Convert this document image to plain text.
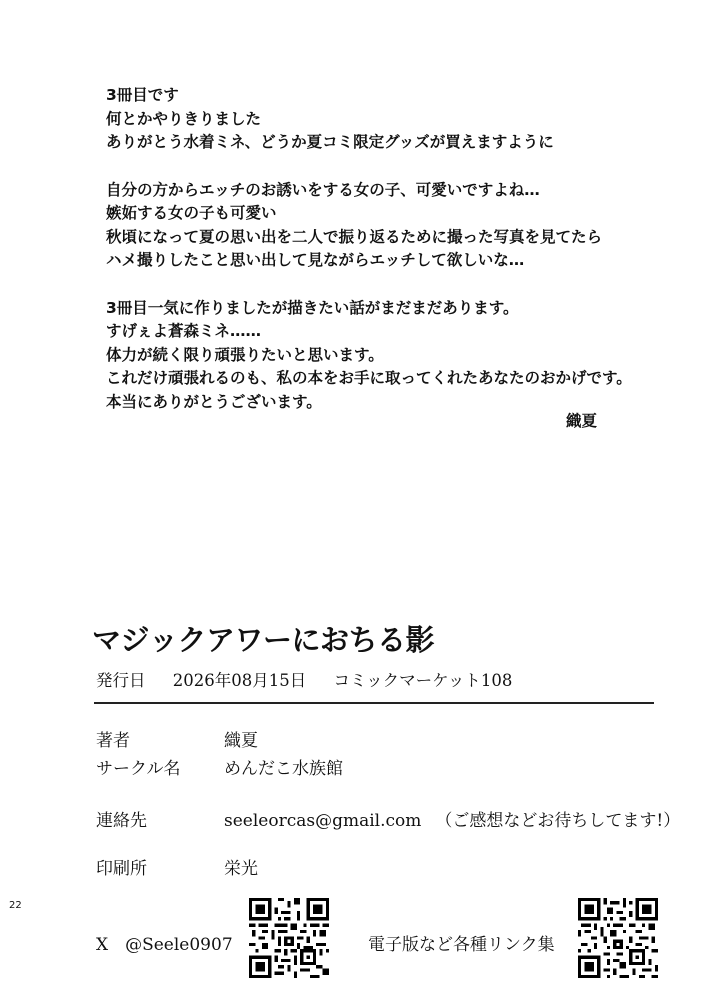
3冊目です
何とかやりきりました
ありがとう水着ミネ、どうか夏コミ限定グッズが買えますように
自分の方からエッチのお誘いをする女の子、可愛いですよね…
嫉妬する女の子も可愛い
秋頃になって夏の思い出を二人で振り返るために撮った写真を見てたら
ハメ撮りしたこと思い出して見ながらエッチして欲しいな…
3冊目一気に作りましたが描きたい話がまだまだあります。
すげぇよ蒼森ミネ……
体力が続く限り頑張りたいと思います。
これだけ頑張れるのも、私の本をお手に取ってくれたあなたのおかげです。
本当にありがとうございます。
織夏
マジックアワーにおちる影
発行日 2026年08月15日 コミックマーケット108
著者	織夏
サークル名	めんだこ水族館
連絡先	seeleorcas@gmail.com （ご感想などお待ちしてます!）
印刷所	栄光
22
X　@Seele0907	電子版など各種リンク集
